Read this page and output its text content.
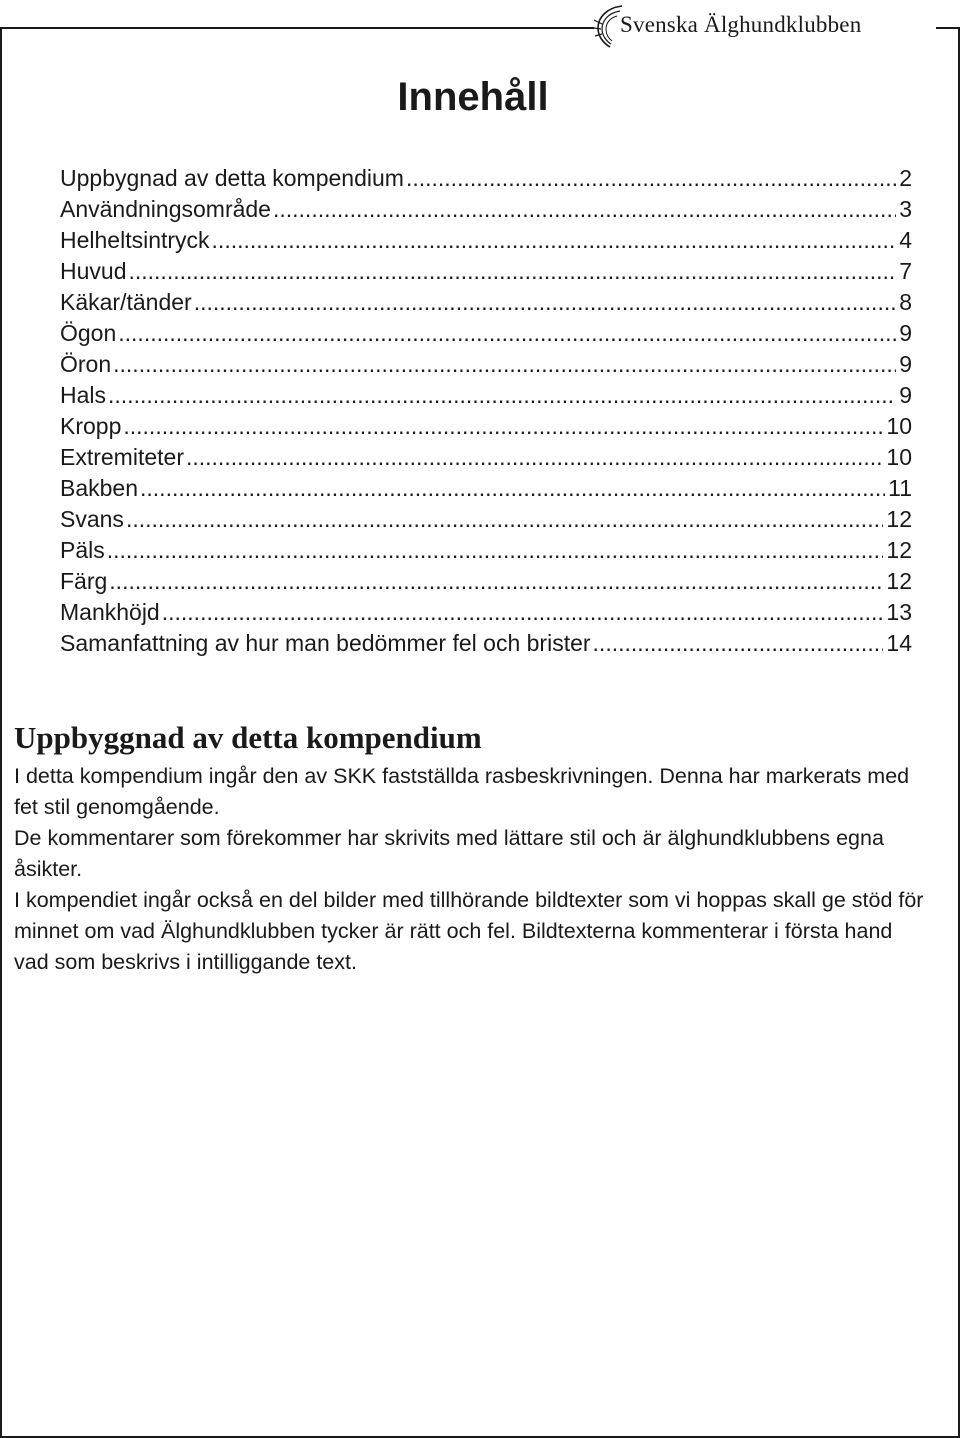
Svenska Älghundklubben
Innehåll
Uppbygnad av detta kompendium .....	2
Användningsområde .....	3
Helheltsintryck .....	4
Huvud .....	7
Käkar/tänder .....	8
Ögon .....	9
Öron .....	9
Hals .....	9
Kropp .....	10
Extremiteter .....	10
Bakben .....	11
Svans .....	12
Päls .....	12
Färg .....	12
Mankhöjd .....	13
Samanfattning av hur man bedömmer fel och brister .....	14
Uppbyggnad av detta kompendium

I detta kompendium ingår den av SKK fastställda rasbeskrivningen. Denna har markerats med fet stil genomgående.

De kommentarer som förekommer har skrivits med lättare stil och är älghundklubbens egna åsikter.

I kompendiet ingår också en del bilder med tillhörande bildtexter som vi hoppas skall ge stöd för minnet om vad Älghundklubben tycker är rätt och fel. Bildtexterna kommenterar i första hand vad som beskrivs i intilliggande text.
